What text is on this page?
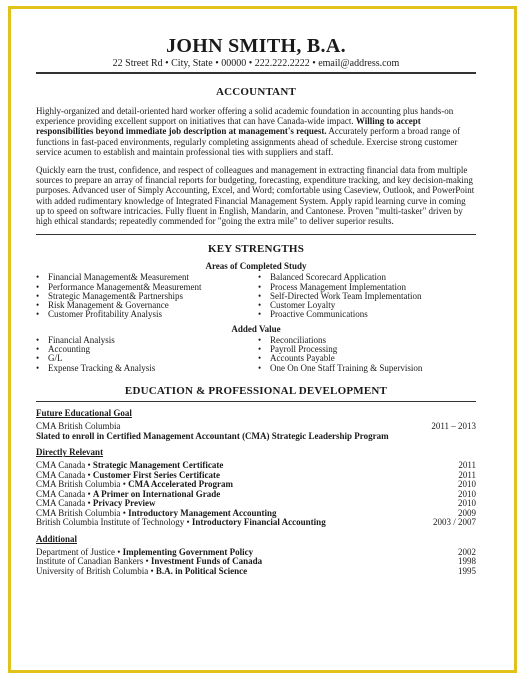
JOHN SMITH, B.A.
22 Street Rd • City, State • 00000 • 222.222.2222 • email@address.com
ACCOUNTANT

Highly-organized and detail-oriented hard worker offering a solid academic foundation in accounting plus hands-on experience providing excellent support on initiatives that can have Canada-wide impact. Willing to accept responsibilities beyond immediate job description at management's request. Accurately perform a broad range of functions in fast-paced environments, regularly completing assignments ahead of schedule. Exercise strong customer service acumen to establish and maintain professional ties with suppliers and staff.

Quickly earn the trust, confidence, and respect of colleagues and management in extracting financial data from multiple sources to prepare an array of financial reports for budgeting, forecasting, expenditure tracking, and key decision-making purposes. Advanced user of Simply Accounting, Excel, and Word; comfortable using Caseview, Outlook, and PowerPoint with added rudimentary knowledge of Integrated Financial Management System. Apply rapid learning curve in coming up to speed on software intricacies. Fully fluent in English, Mandarin, and Cantonese. Proven "multi-tasker" driven by high ethical standards; repeatedly commended for "going the extra mile" to deliver superior results.

KEY STRENGTHS
Areas of Completed Study
• Financial Management& Measurement
• Performance Management& Measurement
• Strategic Management& Partnerships
• Risk Management & Governance
• Customer Profitability Analysis
• Balanced Scorecard Application
• Process Management Implementation
• Self-Directed Work Team Implementation
• Customer Loyalty
• Proactive Communications
Added Value
• Financial Analysis
• Accounting
• G/L
• Expense Tracking & Analysis
• Reconciliations
• Payroll Processing
• Accounts Payable
• One On One Staff Training & Supervision
EDUCATION & PROFESSIONAL DEVELOPMENT
Future Educational Goal
CMA British Columbia	2011 – 2013
Slated to enroll in Certified Management Accountant (CMA) Strategic Leadership Program
Directly Relevant
CMA Canada • Strategic Management Certificate	2011
CMA Canada • Customer First Series Certificate	2011
CMA British Columbia • CMA Accelerated Program	2010
CMA Canada • A Primer on International Grade	2010
CMA Canada • Privacy Preview	2010
CMA British Columbia • Introductory Management Accounting	2009
British Columbia Institute of Technology • Introductory Financial Accounting	2003 / 2007
Additional
Department of Justice • Implementing Government Policy	2002
Institute of Canadian Bankers • Investment Funds of Canada	1998
University of British Columbia • B.A. in Political Science	1995
